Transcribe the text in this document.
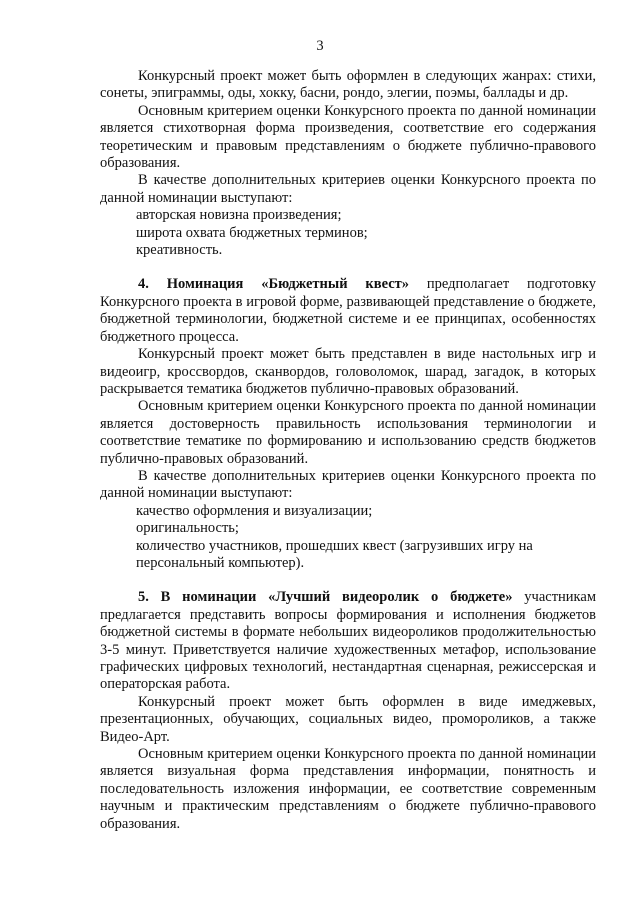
3

Конкурсный проект может быть оформлен в следующих жанрах: стихи, сонеты, эпиграммы, оды, хокку, басни, рондо, элегии, поэмы, баллады и др.

Основным критерием оценки Конкурсного проекта по данной номинации является стихотворная форма произведения, соответствие его содержания теоретическим и правовым представлениям о бюджете публично-правового образования.

В качестве дополнительных критериев оценки Конкурсного проекта по данной номинации выступают:

авторская новизна произведения;

широта охвата бюджетных терминов;

креативность.

4. Номинация «Бюджетный квест» предполагает подготовку Конкурсного проекта в игровой форме, развивающей представление о бюджете, бюджетной терминологии, бюджетной системе и ее принципах, особенностях бюджетного процесса.

Конкурсный проект может быть представлен в виде настольных игр и видеоигр, кроссвордов, сканвордов, головоломок, шарад, загадок, в которых раскрывается тематика бюджетов публично-правовых образований.

Основным критерием оценки Конкурсного проекта по данной номинации является достоверность правильность использования терминологии и соответствие тематике по формированию и использованию средств бюджетов публично-правовых образований.

В качестве дополнительных критериев оценки Конкурсного проекта по данной номинации выступают:

качество оформления и визуализации;

оригинальность;

количество участников, прошедших квест (загрузивших игру на персональный компьютер).

5. В номинации «Лучший видеоролик о бюджете» участникам предлагается представить вопросы формирования и исполнения бюджетов бюджетной системы в формате небольших видеороликов продолжительностью 3-5 минут. Приветствуется наличие художественных метафор, использование графических цифровых технологий, нестандартная сценарная, режиссерская и операторская работа.

Конкурсный проект может быть оформлен в виде имеджевых, презентационных, обучающих, социальных видео, промороликов, а также Видео-Арт.

Основным критерием оценки Конкурсного проекта по данной номинации является визуальная форма представления информации, понятность и последовательность изложения информации, ее соответствие современным научным и практическим представлениям о бюджете публично-правового образования.
